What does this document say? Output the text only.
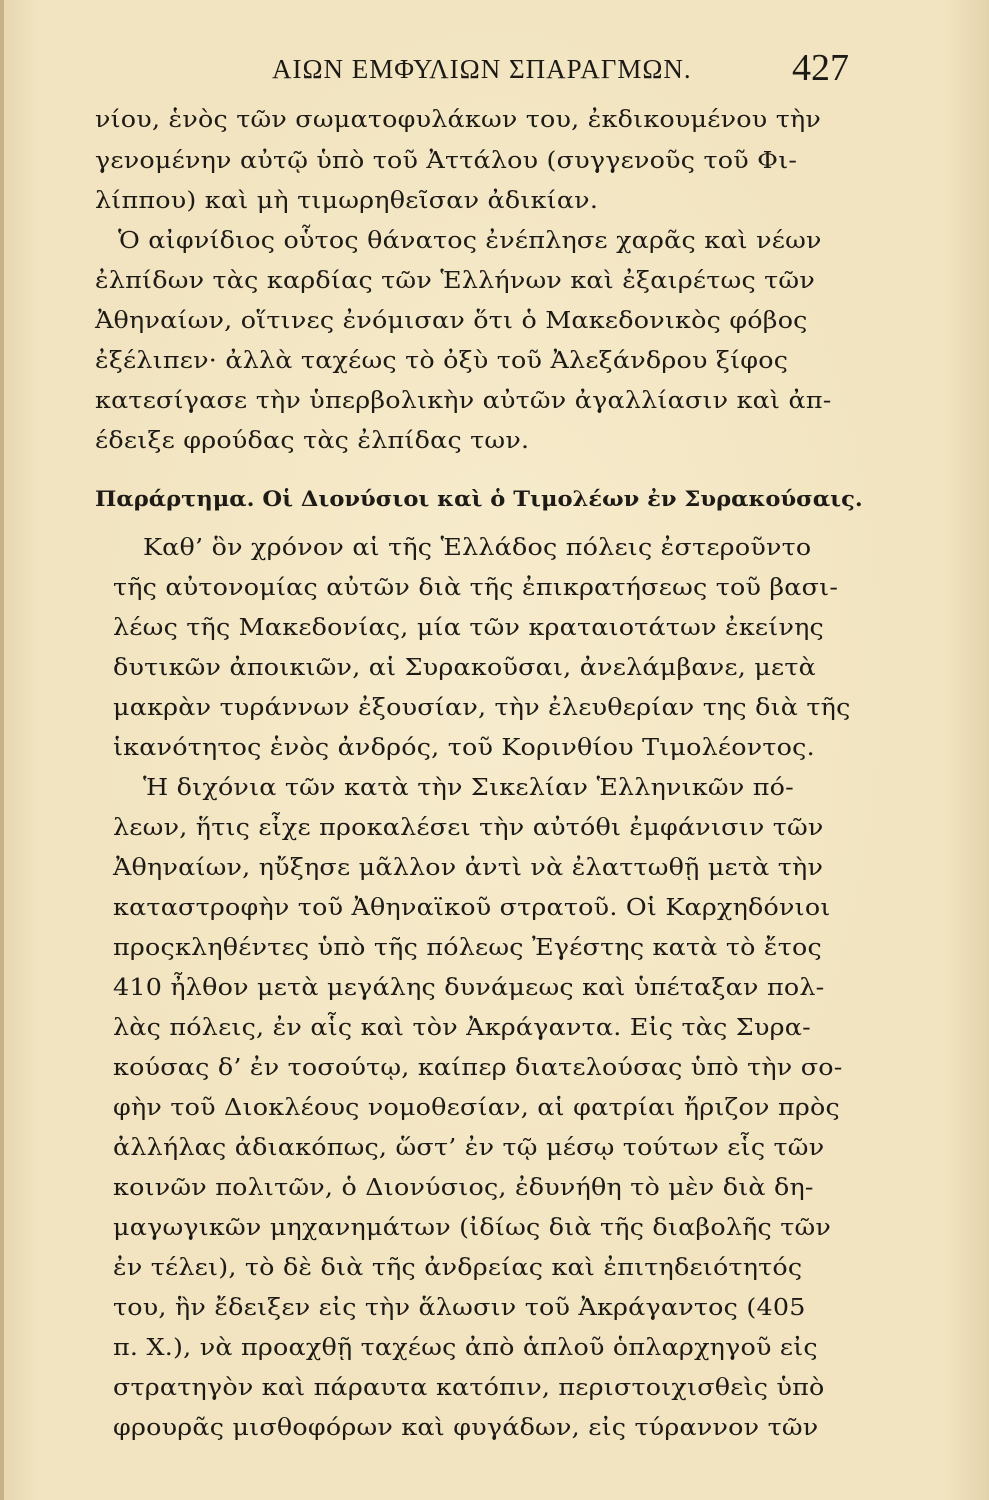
ΑΙΩΝ ΕΜΦΥΛΙΩΝ ΣΠΑΡΑΓΜΩΝ.	427
νίου, ἑνὸς τῶν σωματοφυλάκων του, ἐκδικουμένου τὴν
γενομένην αὐτῷ ὑπὸ τοῦ Ἀττάλου (συγγενοῦς τοῦ Φι-
λίππου) καὶ μὴ τιμωρηθεῖσαν ἀδικίαν.
Ὁ αἰφνίδιος οὗτος θάνατος ἐνέπλησε χαρᾶς καὶ νέων
ἐλπίδων τὰς καρδίας τῶν Ἑλλήνων καὶ ἐξαιρέτως τῶν
Ἀθηναίων, οἵτινες ἐνόμισαν ὅτι ὁ Μακεδονικὸς φόβος
ἐξέλιπεν· ἀλλὰ ταχέως τὸ ὀξὺ τοῦ Ἀλεξάνδρου ξίφος
κατεσίγασε τὴν ὑπερβολικὴν αὐτῶν ἀγαλλίασιν καὶ ἀπ-
έδειξε φρούδας τὰς ἐλπίδας των.
Παράρτημα. Οἱ Διονύσιοι καὶ ὁ Τιμολέων ἐν Συρακούσαις.
Καθ’ ὃν χρόνον αἱ τῆς Ἑλλάδος πόλεις ἐστεροῦντο
τῆς αὐτονομίας αὐτῶν διὰ τῆς ἐπικρατήσεως τοῦ βασι-
λέως τῆς Μακεδονίας, μία τῶν κραταιοτάτων ἐκείνης
δυτικῶν ἀποικιῶν, αἱ Συρακοῦσαι, ἀνελάμβανε, μετὰ
μακρὰν τυράννων ἐξουσίαν, τὴν ἐλευθερίαν της διὰ τῆς
ἱκανότητος ἑνὸς ἀνδρός, τοῦ Κορινθίου Τιμολέοντος.
Ἡ διχόνια τῶν κατὰ τὴν Σικελίαν Ἑλληνικῶν πό-
λεων, ἥτις εἶχε προκαλέσει τὴν αὐτόθι ἐμφάνισιν τῶν
Ἀθηναίων, ηὔξησε μᾶλλον ἀντὶ νὰ ἐλαττωθῇ μετὰ τὴν
καταστροφὴν τοῦ Ἀθηναϊκοῦ στρατοῦ. Οἱ Καρχηδόνιοι
προςκληθέντες ὑπὸ τῆς πόλεως Ἐγέστης κατὰ τὸ ἔτος
410 ἦλθον μετὰ μεγάλης δυνάμεως καὶ ὑπέταξαν πολ-
λὰς πόλεις, ἐν αἷς καὶ τὸν Ἀκράγαντα. Εἰς τὰς Συρα-
κούσας δ’ ἐν τοσούτῳ, καίπερ διατελούσας ὑπὸ τὴν σο-
φὴν τοῦ Διοκλέους νομοθεσίαν, αἱ φατρίαι ἤριζον πρὸς
ἀλλήλας ἀδιακόπως, ὥστ’ ἐν τῷ μέσῳ τούτων εἷς τῶν
κοινῶν πολιτῶν, ὁ Διονύσιος, ἐδυνήθη τὸ μὲν διὰ δη-
μαγωγικῶν μηχανημάτων (ἰδίως διὰ τῆς διαβολῆς τῶν
ἐν τέλει), τὸ δὲ διὰ τῆς ἀνδρείας καὶ ἐπιτηδειότητός
του, ἣν ἔδειξεν εἰς τὴν ἅλωσιν τοῦ Ἀκράγαντος (405
π. Χ.), νὰ προαχθῇ ταχέως ἀπὸ ἁπλοῦ ὁπλαρχηγοῦ εἰς
στρατηγὸν καὶ πάραυτα κατόπιν, περιστοιχισθεὶς ὑπὸ
φρουρᾶς μισθοφόρων καὶ φυγάδων, εἰς τύραννον τῶν
